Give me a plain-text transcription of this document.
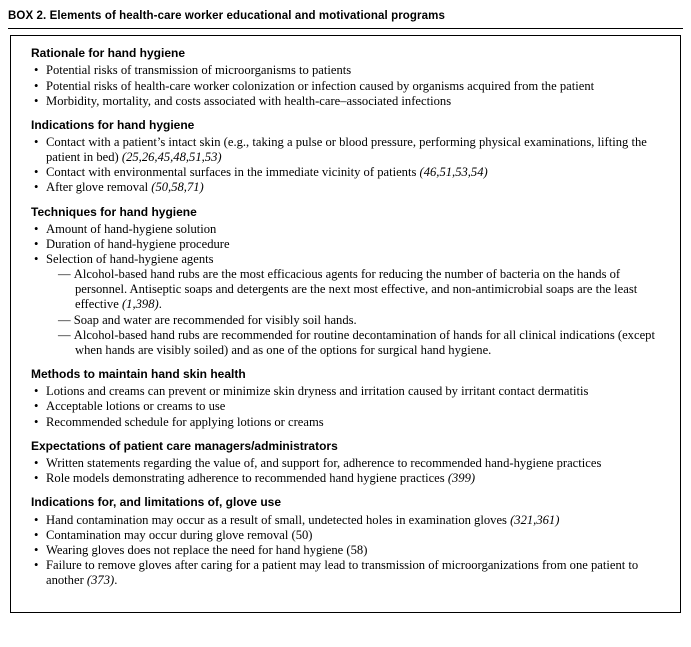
BOX 2. Elements of health-care worker educational and motivational programs
Rationale for hand hygiene
• Potential risks of transmission of microorganisms to patients
• Potential risks of health-care worker colonization or infection caused by organisms acquired from the patient
• Morbidity, mortality, and costs associated with health-care–associated infections
Indications for hand hygiene
• Contact with a patient’s intact skin (e.g., taking a pulse or blood pressure, performing physical examinations, lifting the patient in bed) (25,26,45,48,51,53)
• Contact with environmental surfaces in the immediate vicinity of patients (46,51,53,54)
• After glove removal (50,58,71)
Techniques for hand hygiene
• Amount of hand-hygiene solution
• Duration of hand-hygiene procedure
• Selection of hand-hygiene agents
— Alcohol-based hand rubs are the most efficacious agents for reducing the number of bacteria on the hands of personnel. Antiseptic soaps and detergents are the next most effective, and non-antimicrobial soaps are the least effective (1,398).
— Soap and water are recommended for visibly soil hands.
— Alcohol-based hand rubs are recommended for routine decontamination of hands for all clinical indications (except when hands are visibly soiled) and as one of the options for surgical hand hygiene.
Methods to maintain hand skin health
• Lotions and creams can prevent or minimize skin dryness and irritation caused by irritant contact dermatitis
• Acceptable lotions or creams to use
• Recommended schedule for applying lotions or creams
Expectations of patient care managers/administrators
• Written statements regarding the value of, and support for, adherence to recommended hand-hygiene practices
• Role models demonstrating adherence to recommended hand hygiene practices (399)
Indications for, and limitations of, glove use
• Hand contamination may occur as a result of small, undetected holes in examination gloves (321,361)
• Contamination may occur during glove removal (50)
• Wearing gloves does not replace the need for hand hygiene (58)
• Failure to remove gloves after caring for a patient may lead to transmission of microorganizations from one patient to another (373).
